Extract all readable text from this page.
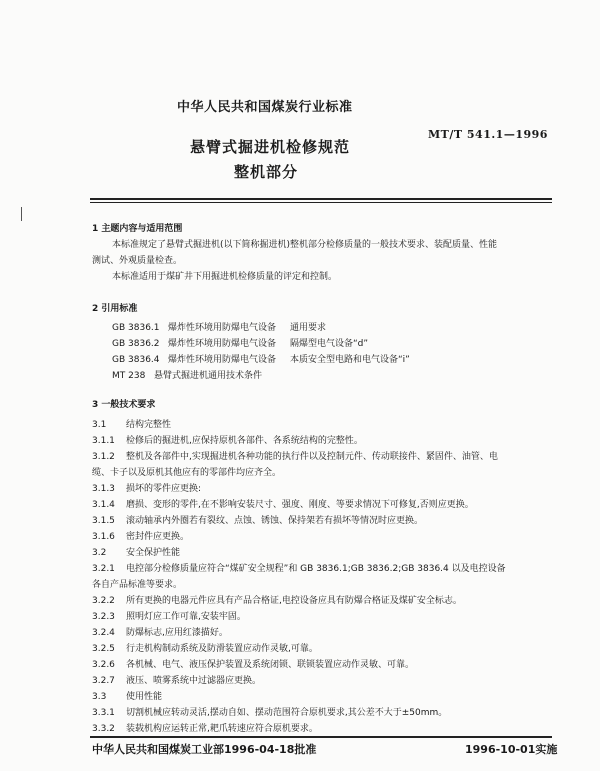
中华人民共和国煤炭行业标准
悬臂式掘进机检修规范
整机部分
MT/T 541.1—1996
1 主题内容与适用范围
本标准规定了悬臂式掘进机(以下简称掘进机)整机部分检修质量的一般技术要求、装配质量、性能
测试、外观质量检查。
本标准适用于煤矿井下用掘进机检修质量的评定和控制。
2 引用标准
GB 3836.1 爆炸性环境用防爆电气设备 通用要求
GB 3836.2 爆炸性环境用防爆电气设备 隔爆型电气设备“d”
GB 3836.4 爆炸性环境用防爆电气设备 本质安全型电路和电气设备“i”
MT 238 悬臂式掘进机通用技术条件
3 一般技术要求
3.1 结构完整性
3.1.1 检修后的掘进机,应保持原机各部件、各系统结构的完整性。
3.1.2 整机及各部件中,实现掘进机各种功能的执行件以及控制元件、传动联接件、紧固件、油管、电
缆、卡子以及原机其他应有的零部件均应齐全。
3.1.3 损坏的零件应更换:
3.1.4 磨损、变形的零件,在不影响安装尺寸、强度、刚度、等要求情况下可修复,否则应更换。
3.1.5 滚动轴承内外圈若有裂纹、点蚀、锈蚀、保持架若有损坏等情况时应更换。
3.1.6 密封件应更换。
3.2 安全保护性能
3.2.1 电控部分检修质量应符合“煤矿安全规程”和 GB 3836.1;GB 3836.2;GB 3836.4 以及电控设备
各自产品标准等要求。
3.2.2 所有更换的电器元件应具有产品合格证,电控设备应具有防爆合格证及煤矿安全标志。
3.2.3 照明灯应工作可靠,安装牢固。
3.2.4 防爆标志,应用红漆描好。
3.2.5 行走机构制动系统及防滑装置应动作灵敏,可靠。
3.2.6 各机械、电气、液压保护装置及系统闭锁、联锁装置应动作灵敏、可靠。
3.2.7 液压、喷雾系统中过滤器应更换。
3.3 使用性能
3.3.1 切割机械应转动灵活,摆动自如、摆动范围符合原机要求,其公差不大于±50mm。
3.3.2 装载机构应运转正常,耙爪转速应符合原机要求。
中华人民共和国煤炭工业部1996-04-18批准	1996-10-01实施
